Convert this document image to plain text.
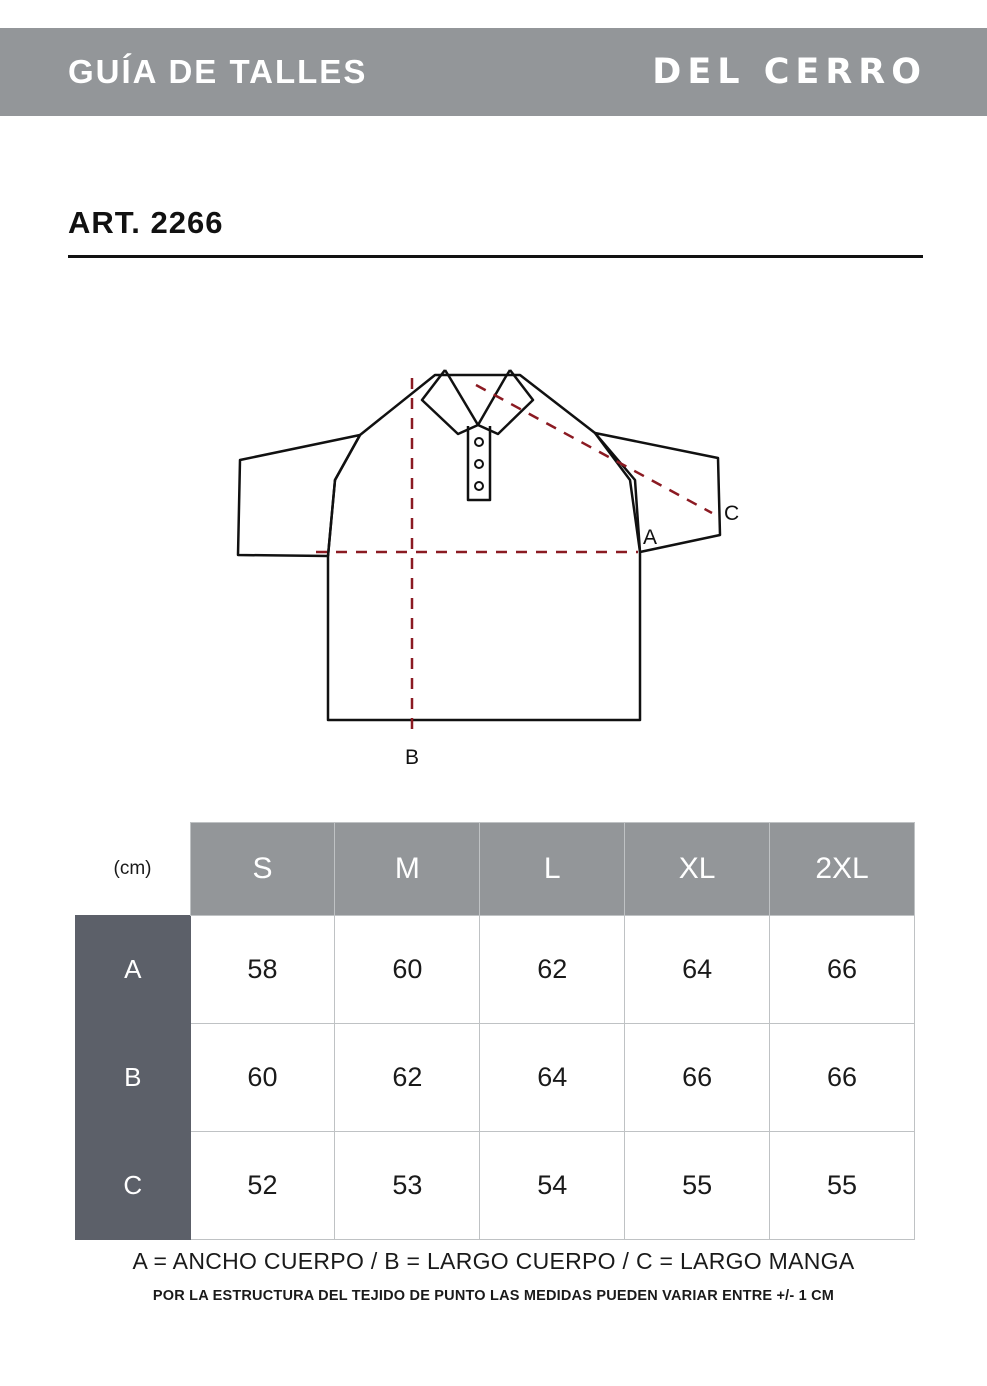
GUÍA DE TALLES	DEL CERRO
ART. 2266
A
B
C
(cm)	S	M	L	XL	2XL
A	58	60	62	64	66
B	60	62	64	66	66
C	52	53	54	55	55
A = ANCHO CUERPO / B = LARGO CUERPO / C = LARGO MANGA
POR LA ESTRUCTURA DEL TEJIDO DE PUNTO LAS MEDIDAS PUEDEN VARIAR ENTRE +/- 1 CM
